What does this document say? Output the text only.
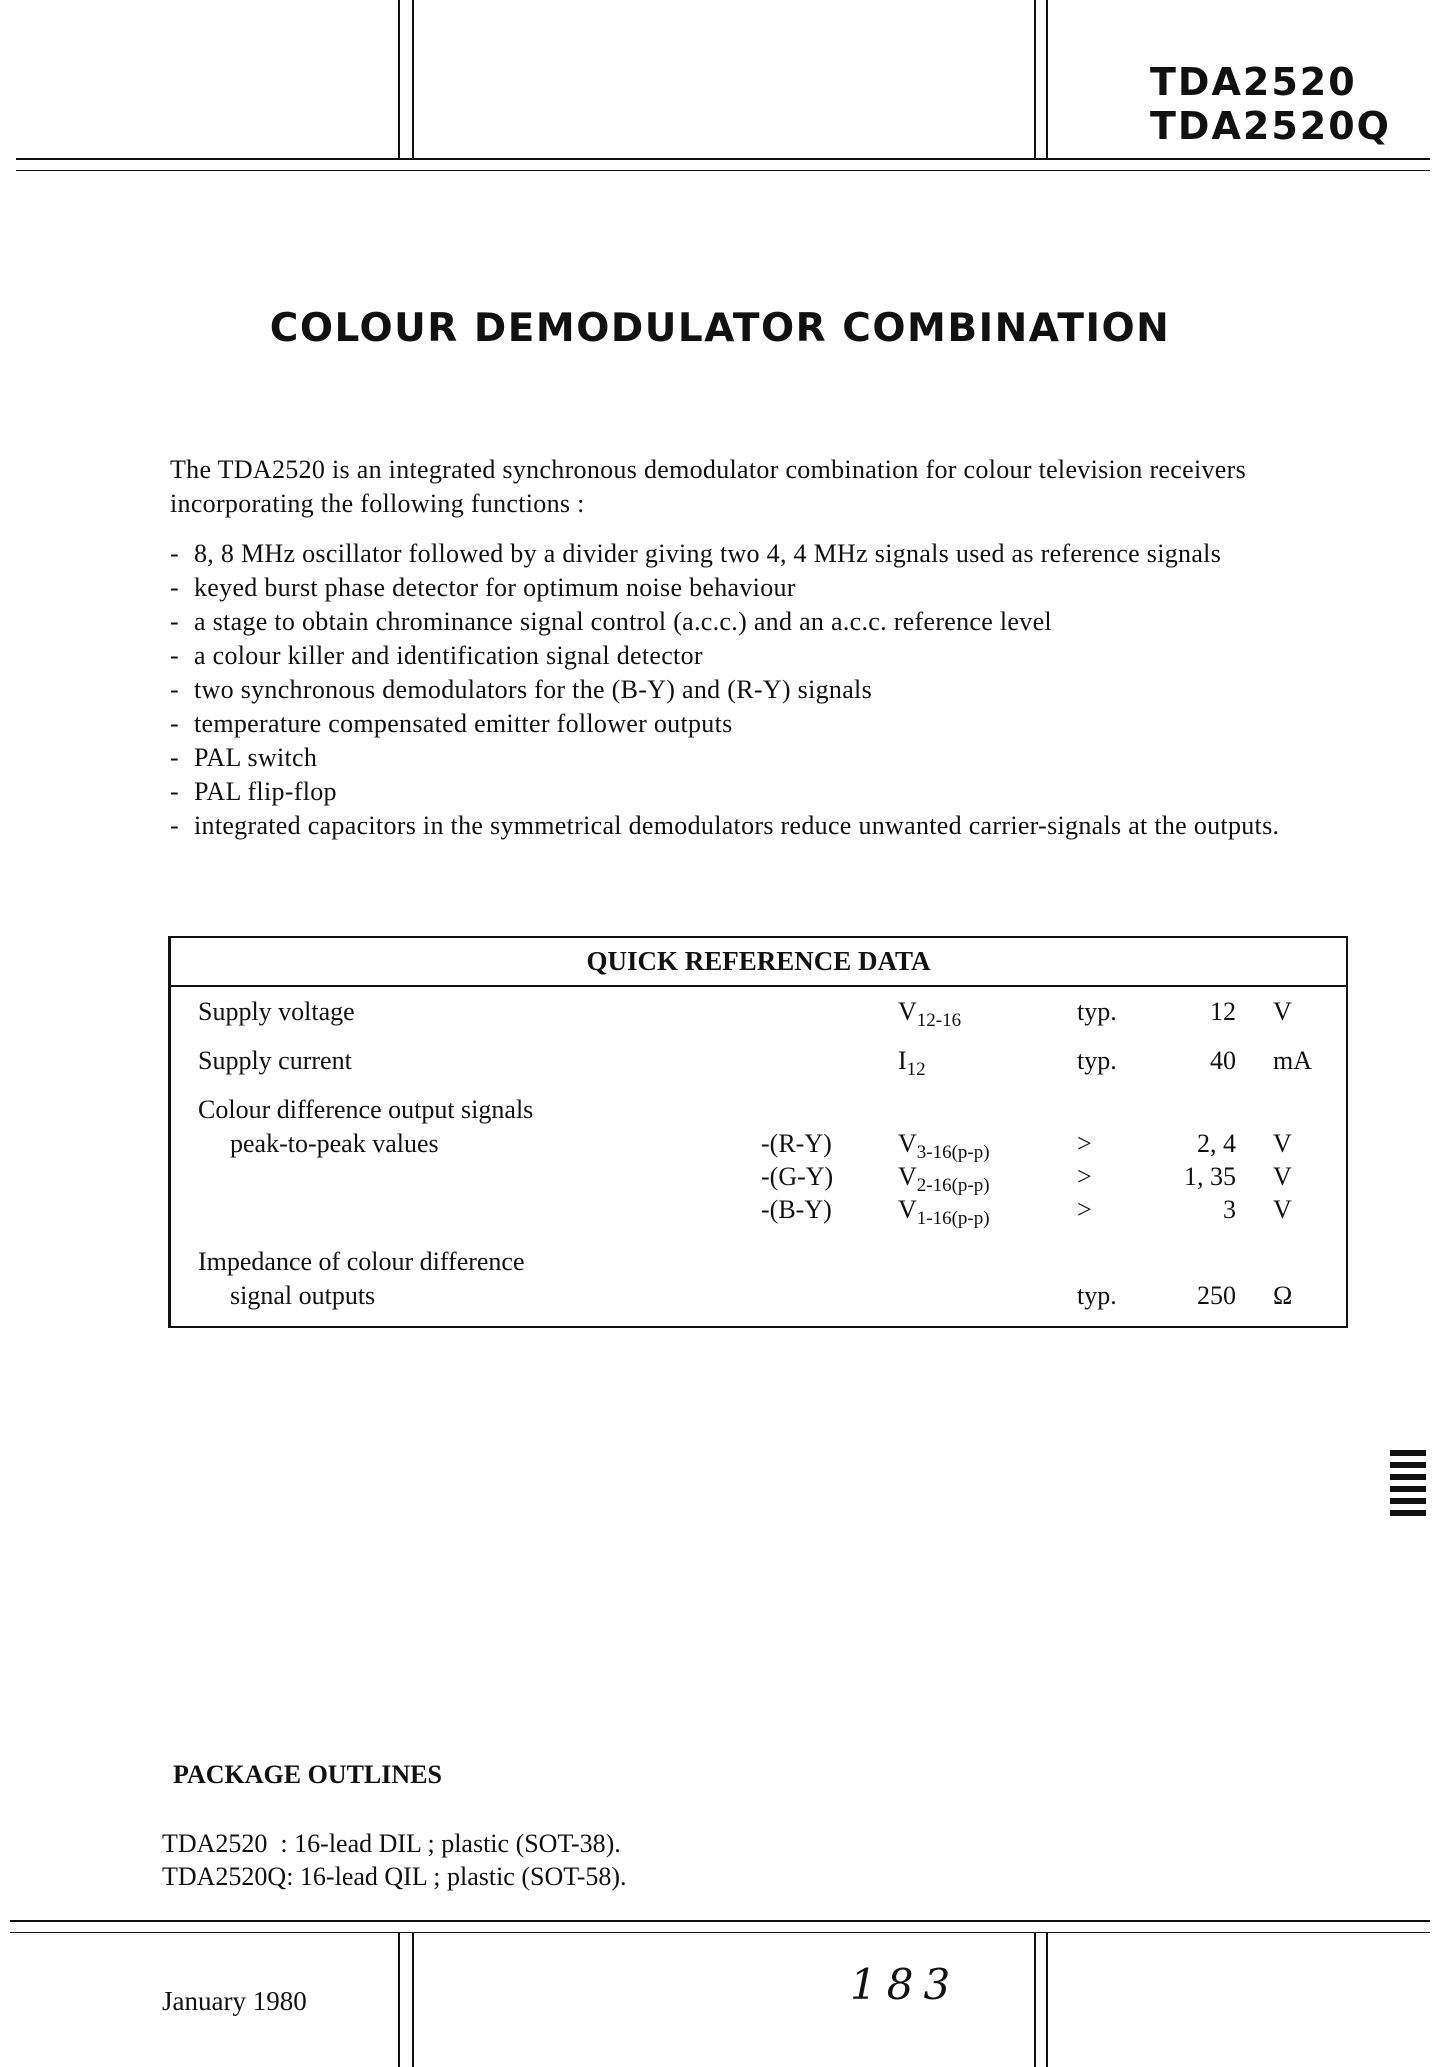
TDA2520
TDA2520Q
COLOUR DEMODULATOR COMBINATION
The TDA2520 is an integrated synchronous demodulator combination for colour television receivers incorporating the following functions :
- 8, 8 MHz oscillator followed by a divider giving two 4, 4 MHz signals used as reference signals
- keyed burst phase detector for optimum noise behaviour
- a stage to obtain chrominance signal control (a.c.c.) and an a.c.c. reference level
- a colour killer and identification signal detector
- two synchronous demodulators for the (B-Y) and (R-Y) signals
- temperature compensated emitter follower outputs
- PAL switch
- PAL flip-flop
- integrated capacitors in the symmetrical demodulators reduce unwanted carrier-signals at the outputs.
QUICK REFERENCE DATA
Supply voltage	$V_{12-16}$	typ.	12 V
Supply current	$I_{12}$	typ.	40 mA
Colour difference output signals
peak-to-peak values	-(R-Y)	$V_{3-16(p-p)}$	>	2, 4 V
-(G-Y) $V_{2-16(p-p)}$	>	1, 35 V
-(B-Y)	$V_{1-16(p-p)}$	>	3 V
Impedance of colour difference
signal outputs	typ.	250 Ω
PACKAGE OUTLINES
TDA2520  : 16-lead DIL ; plastic (SOT-38).
TDA2520Q: 16-lead QIL ; plastic (SOT-58).
January 1980	183
